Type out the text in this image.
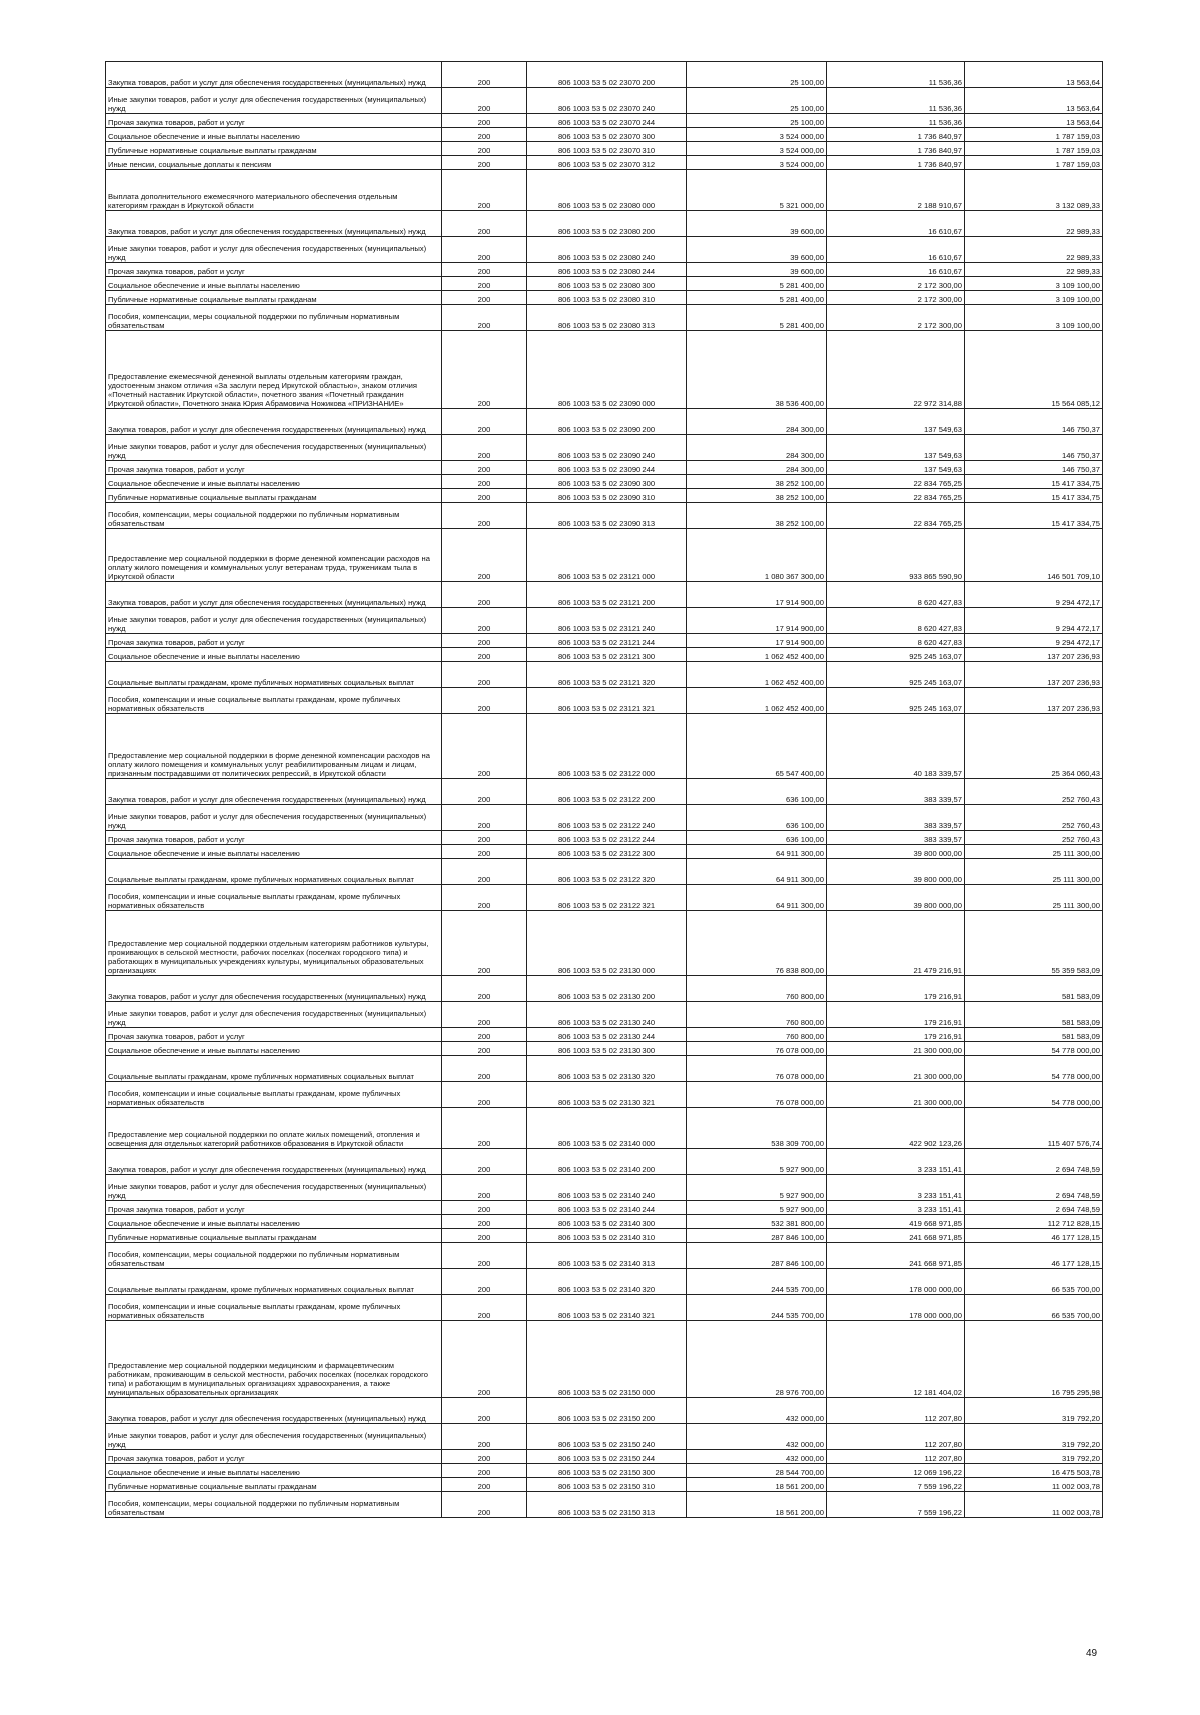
Закупка товаров, работ и услуг для обеспечения государственных (муниципальных) нужд	200	806 1003 53 5 02 23070 200	25 100,00	11 536,36	13 563,64
Иные закупки товаров, работ и услуг для обеспечения государственных (муниципальных) нужд	200	806 1003 53 5 02 23070 240	25 100,00	11 536,36	13 563,64
Прочая закупка товаров, работ и услуг	200	806 1003 53 5 02 23070 244	25 100,00	11 536,36	13 563,64
Социальное обеспечение и иные выплаты населению	200	806 1003 53 5 02 23070 300	3 524 000,00	1 736 840,97	1 787 159,03
Публичные нормативные социальные выплаты гражданам	200	806 1003 53 5 02 23070 310	3 524 000,00	1 736 840,97	1 787 159,03
Иные пенсии, социальные доплаты к пенсиям	200	806 1003 53 5 02 23070 312	3 524 000,00	1 736 840,97	1 787 159,03
Выплата дополнительного ежемесячного материального обеспечения отдельным категориям граждан в Иркутской области	200	806 1003 53 5 02 23080 000	5 321 000,00	2 188 910,67	3 132 089,33
Закупка товаров, работ и услуг для обеспечения государственных (муниципальных) нужд	200	806 1003 53 5 02 23080 200	39 600,00	16 610,67	22 989,33
Иные закупки товаров, работ и услуг для обеспечения государственных (муниципальных) нужд	200	806 1003 53 5 02 23080 240	39 600,00	16 610,67	22 989,33
Прочая закупка товаров, работ и услуг	200	806 1003 53 5 02 23080 244	39 600,00	16 610,67	22 989,33
Социальное обеспечение и иные выплаты населению	200	806 1003 53 5 02 23080 300	5 281 400,00	2 172 300,00	3 109 100,00
Публичные нормативные социальные выплаты гражданам	200	806 1003 53 5 02 23080 310	5 281 400,00	2 172 300,00	3 109 100,00
Пособия, компенсации, меры социальной поддержки по публичным нормативным обязательствам	200	806 1003 53 5 02 23080 313	5 281 400,00	2 172 300,00	3 109 100,00
Предоставление ежемесячной денежной выплаты отдельным категориям граждан, удостоенным знаком отличия «За заслуги перед Иркутской областью», знаком отличия «Почетный наставник Иркутской области», почетного звания «Почетный гражданин Иркутской области», Почетного знака Юрия Абрамовича Ножикова «ПРИЗНАНИЕ»	200	806 1003 53 5 02 23090 000	38 536 400,00	22 972 314,88	15 564 085,12
Закупка товаров, работ и услуг для обеспечения государственных (муниципальных) нужд	200	806 1003 53 5 02 23090 200	284 300,00	137 549,63	146 750,37
Иные закупки товаров, работ и услуг для обеспечения государственных (муниципальных) нужд	200	806 1003 53 5 02 23090 240	284 300,00	137 549,63	146 750,37
Прочая закупка товаров, работ и услуг	200	806 1003 53 5 02 23090 244	284 300,00	137 549,63	146 750,37
Социальное обеспечение и иные выплаты населению	200	806 1003 53 5 02 23090 300	38 252 100,00	22 834 765,25	15 417 334,75
Публичные нормативные социальные выплаты гражданам	200	806 1003 53 5 02 23090 310	38 252 100,00	22 834 765,25	15 417 334,75
Пособия, компенсации, меры социальной поддержки по публичным нормативным обязательствам	200	806 1003 53 5 02 23090 313	38 252 100,00	22 834 765,25	15 417 334,75
Предоставление мер социальной поддержки в форме денежной компенсации расходов на оплату жилого помещения и коммунальных услуг ветеранам труда, труженикам тыла в Иркутской области	200	806 1003 53 5 02 23121 000	1 080 367 300,00	933 865 590,90	146 501 709,10
Закупка товаров, работ и услуг для обеспечения государственных (муниципальных) нужд	200	806 1003 53 5 02 23121 200	17 914 900,00	8 620 427,83	9 294 472,17
Иные закупки товаров, работ и услуг для обеспечения государственных (муниципальных) нужд	200	806 1003 53 5 02 23121 240	17 914 900,00	8 620 427,83	9 294 472,17
Прочая закупка товаров, работ и услуг	200	806 1003 53 5 02 23121 244	17 914 900,00	8 620 427,83	9 294 472,17
Социальное обеспечение и иные выплаты населению	200	806 1003 53 5 02 23121 300	1 062 452 400,00	925 245 163,07	137 207 236,93
Социальные выплаты гражданам, кроме публичных нормативных социальных выплат	200	806 1003 53 5 02 23121 320	1 062 452 400,00	925 245 163,07	137 207 236,93
Пособия, компенсации и иные социальные выплаты гражданам, кроме публичных нормативных обязательств	200	806 1003 53 5 02 23121 321	1 062 452 400,00	925 245 163,07	137 207 236,93
Предоставление мер социальной поддержки в форме денежной компенсации расходов на оплату жилого помещения и коммунальных услуг реабилитированным лицам и лицам, признанным пострадавшими от политических репрессий, в Иркутской области	200	806 1003 53 5 02 23122 000	65 547 400,00	40 183 339,57	25 364 060,43
Закупка товаров, работ и услуг для обеспечения государственных (муниципальных) нужд	200	806 1003 53 5 02 23122 200	636 100,00	383 339,57	252 760,43
Иные закупки товаров, работ и услуг для обеспечения государственных (муниципальных) нужд	200	806 1003 53 5 02 23122 240	636 100,00	383 339,57	252 760,43
Прочая закупка товаров, работ и услуг	200	806 1003 53 5 02 23122 244	636 100,00	383 339,57	252 760,43
Социальное обеспечение и иные выплаты населению	200	806 1003 53 5 02 23122 300	64 911 300,00	39 800 000,00	25 111 300,00
Социальные выплаты гражданам, кроме публичных нормативных социальных выплат	200	806 1003 53 5 02 23122 320	64 911 300,00	39 800 000,00	25 111 300,00
Пособия, компенсации и иные социальные выплаты гражданам, кроме публичных нормативных обязательств	200	806 1003 53 5 02 23122 321	64 911 300,00	39 800 000,00	25 111 300,00
Предоставление мер социальной поддержки отдельным категориям работников культуры, проживающих в сельской местности, рабочих поселках (поселках городского типа) и работающих в муниципальных учреждениях культуры, муниципальных образовательных организациях	200	806 1003 53 5 02 23130 000	76 838 800,00	21 479 216,91	55 359 583,09
Закупка товаров, работ и услуг для обеспечения государственных (муниципальных) нужд	200	806 1003 53 5 02 23130 200	760 800,00	179 216,91	581 583,09
Иные закупки товаров, работ и услуг для обеспечения государственных (муниципальных) нужд	200	806 1003 53 5 02 23130 240	760 800,00	179 216,91	581 583,09
Прочая закупка товаров, работ и услуг	200	806 1003 53 5 02 23130 244	760 800,00	179 216,91	581 583,09
Социальное обеспечение и иные выплаты населению	200	806 1003 53 5 02 23130 300	76 078 000,00	21 300 000,00	54 778 000,00
Социальные выплаты гражданам, кроме публичных нормативных социальных выплат	200	806 1003 53 5 02 23130 320	76 078 000,00	21 300 000,00	54 778 000,00
Пособия, компенсации и иные социальные выплаты гражданам, кроме публичных нормативных обязательств	200	806 1003 53 5 02 23130 321	76 078 000,00	21 300 000,00	54 778 000,00
Предоставление мер социальной поддержки по оплате жилых помещений, отопления и освещения для отдельных категорий работников образования в Иркутской области	200	806 1003 53 5 02 23140 000	538 309 700,00	422 902 123,26	115 407 576,74
Закупка товаров, работ и услуг для обеспечения государственных (муниципальных) нужд	200	806 1003 53 5 02 23140 200	5 927 900,00	3 233 151,41	2 694 748,59
Иные закупки товаров, работ и услуг для обеспечения государственных (муниципальных) нужд	200	806 1003 53 5 02 23140 240	5 927 900,00	3 233 151,41	2 694 748,59
Прочая закупка товаров, работ и услуг	200	806 1003 53 5 02 23140 244	5 927 900,00	3 233 151,41	2 694 748,59
Социальное обеспечение и иные выплаты населению	200	806 1003 53 5 02 23140 300	532 381 800,00	419 668 971,85	112 712 828,15
Публичные нормативные социальные выплаты гражданам	200	806 1003 53 5 02 23140 310	287 846 100,00	241 668 971,85	46 177 128,15
Пособия, компенсации, меры социальной поддержки по публичным нормативным обязательствам	200	806 1003 53 5 02 23140 313	287 846 100,00	241 668 971,85	46 177 128,15
Социальные выплаты гражданам, кроме публичных нормативных социальных выплат	200	806 1003 53 5 02 23140 320	244 535 700,00	178 000 000,00	66 535 700,00
Пособия, компенсации и иные социальные выплаты гражданам, кроме публичных нормативных обязательств	200	806 1003 53 5 02 23140 321	244 535 700,00	178 000 000,00	66 535 700,00
Предоставление мер социальной поддержки медицинским и фармацевтическим работникам, проживающим в сельской местности, рабочих поселках (поселках городского типа) и работающим в муниципальных организациях здравоохранения, а также муниципальных образовательных организациях	200	806 1003 53 5 02 23150 000	28 976 700,00	12 181 404,02	16 795 295,98
Закупка товаров, работ и услуг для обеспечения государственных (муниципальных) нужд	200	806 1003 53 5 02 23150 200	432 000,00	112 207,80	319 792,20
Иные закупки товаров, работ и услуг для обеспечения государственных (муниципальных) нужд	200	806 1003 53 5 02 23150 240	432 000,00	112 207,80	319 792,20
Прочая закупка товаров, работ и услуг	200	806 1003 53 5 02 23150 244	432 000,00	112 207,80	319 792,20
Социальное обеспечение и иные выплаты населению	200	806 1003 53 5 02 23150 300	28 544 700,00	12 069 196,22	16 475 503,78
Публичные нормативные социальные выплаты гражданам	200	806 1003 53 5 02 23150 310	18 561 200,00	7 559 196,22	11 002 003,78
Пособия, компенсации, меры социальной поддержки по публичным нормативным обязательствам	200	806 1003 53 5 02 23150 313	18 561 200,00	7 559 196,22	11 002 003,78
49
